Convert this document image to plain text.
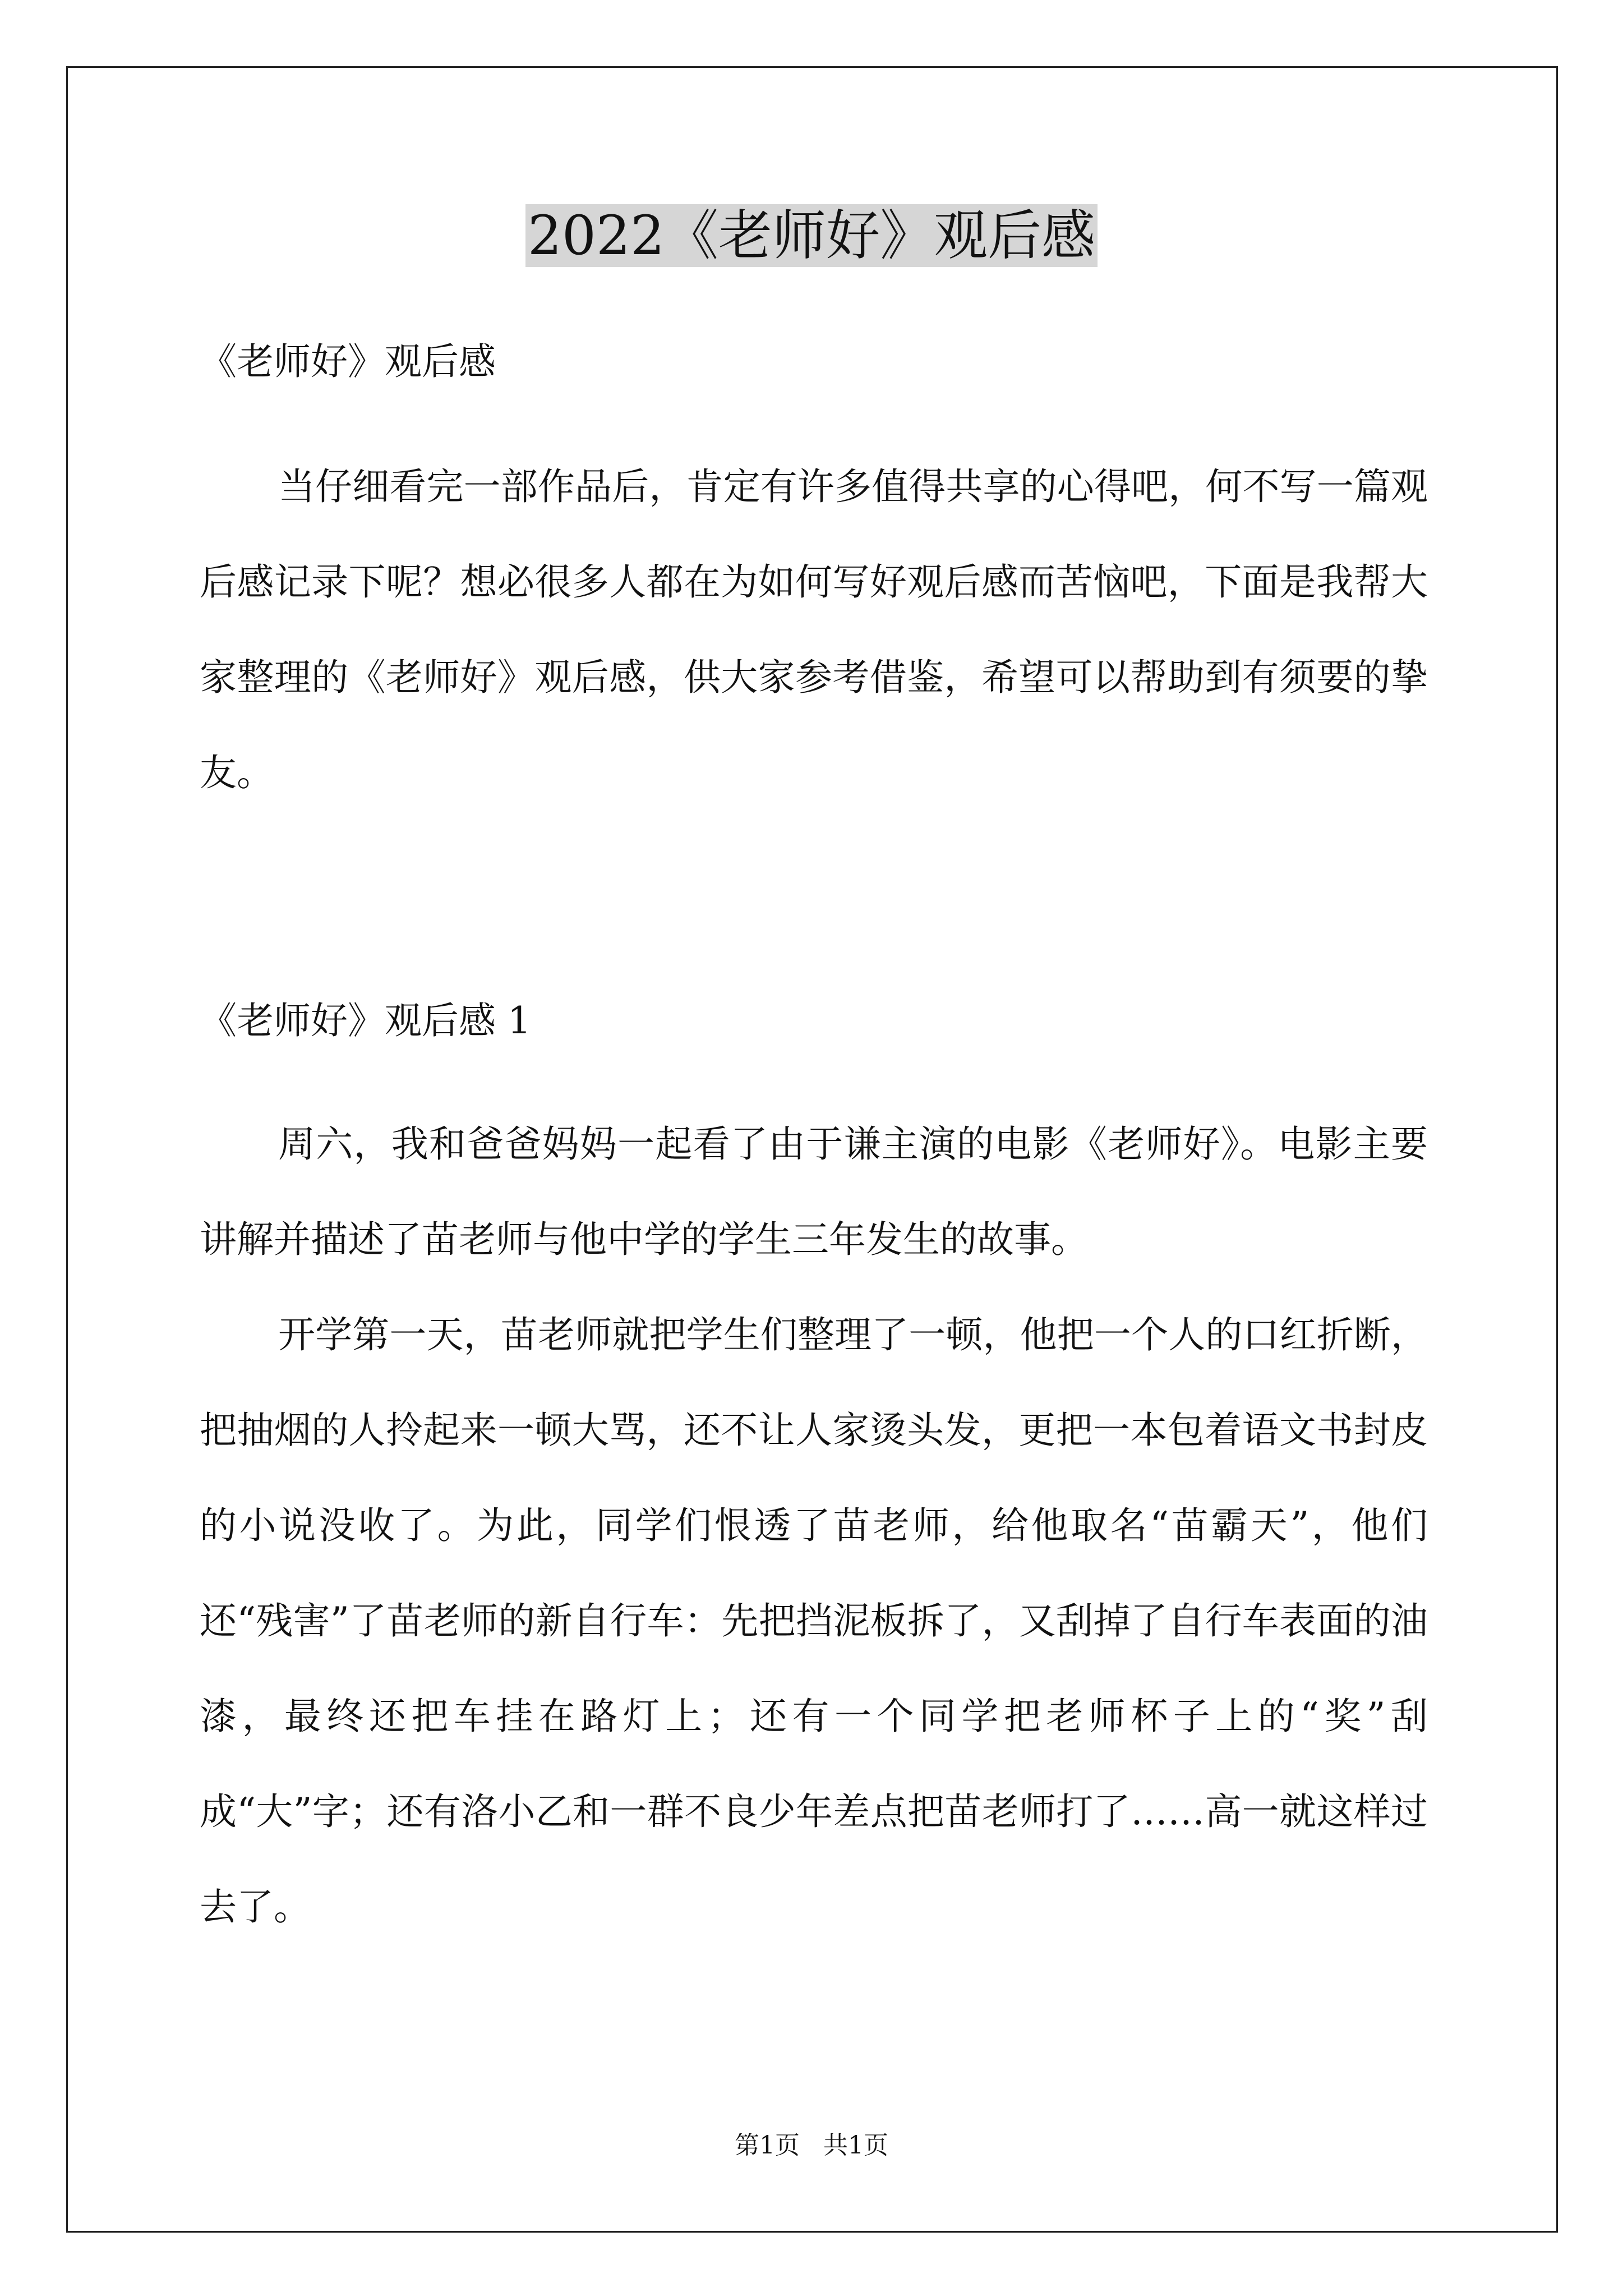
2022《老师好》观后感
《老师好》观后感

当仔细看完一部作品后，肯定有许多值得共享的心得吧，何不写一篇观后感记录下呢？想必很多人都在为如何写好观后感而苦恼吧，下面是我帮大家整理的《老师好》观后感，供大家参考借鉴，希望可以帮助到有须要的挚友。

《老师好》观后感 1

周六，我和爸爸妈妈一起看了由于谦主演的电影《老师好》。电影主要讲解并描述了苗老师与他中学的学生三年发生的故事。

开学第一天，苗老师就把学生们整理了一顿，他把一个人的口红折断，把抽烟的人拎起来一顿大骂，还不让人家烫头发，更把一本包着语文书封皮的小说没收了。为此，同学们恨透了苗老师，给他取名“苗霸天”，他们还“残害”了苗老师的新自行车：先把挡泥板拆了，又刮掉了自行车表面的油漆，最终还把车挂在路灯上；还有一个同学把老师杯子上的“奖”刮成“大”字；还有洛小乙和一群不良少年差点把苗老师打了……高一就这样过去了。

第1页   共1页
